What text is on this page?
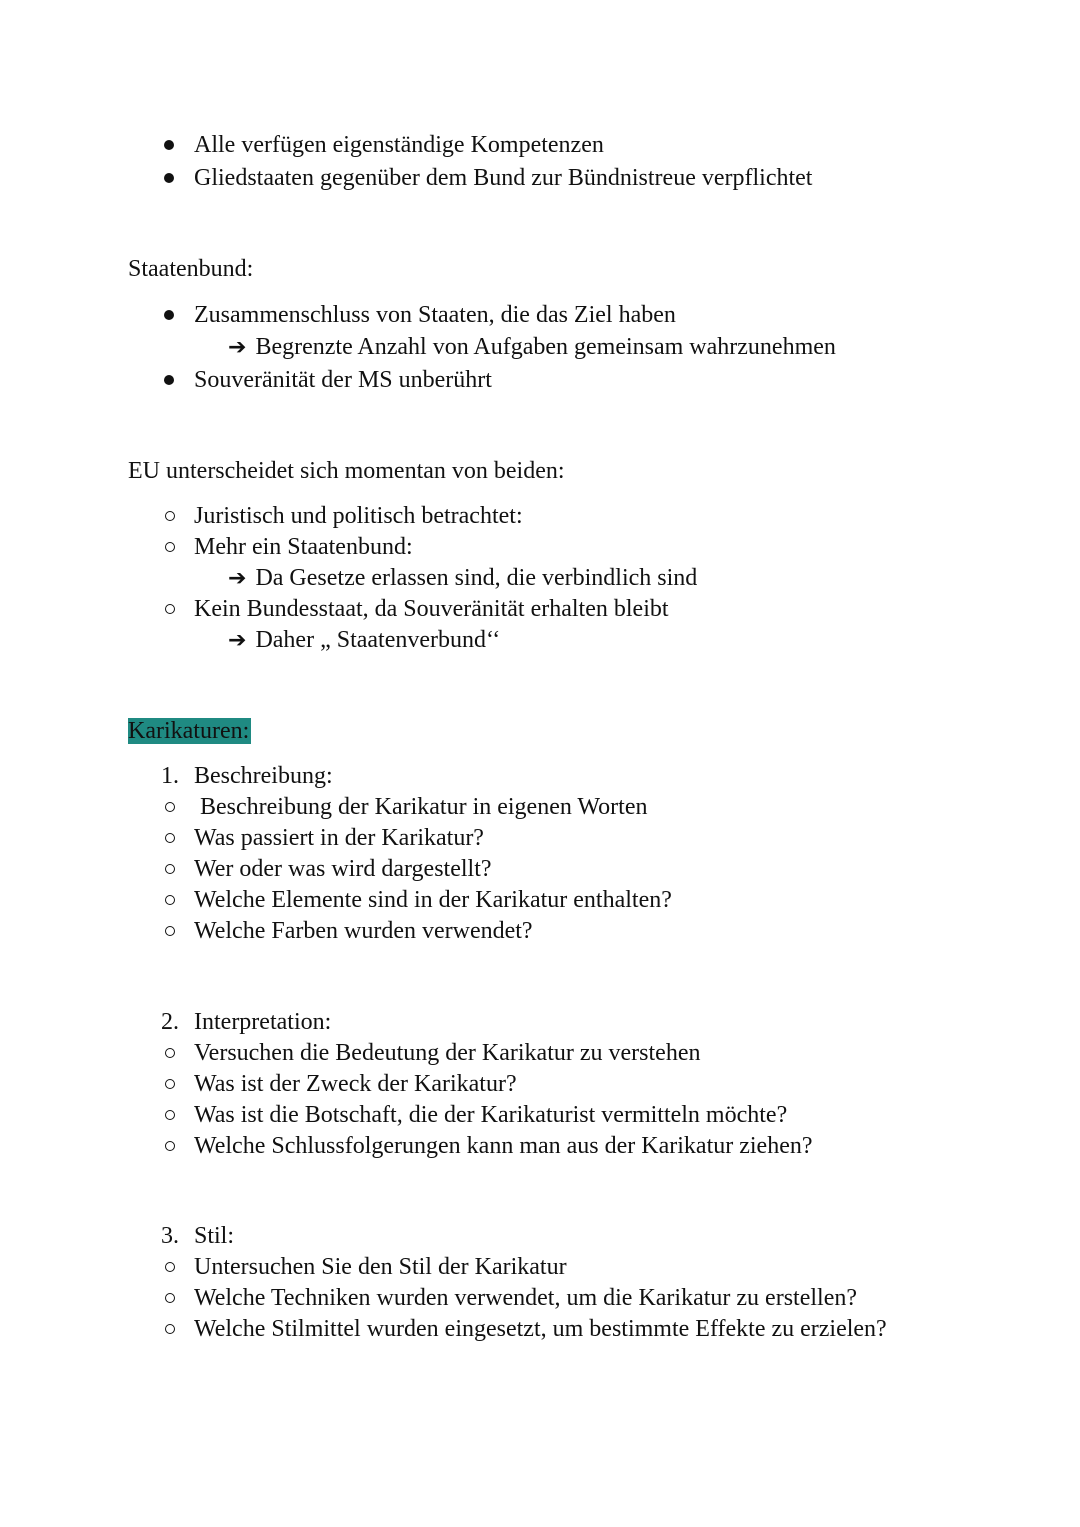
Alle verfügen eigenständige Kompetenzen
Gliedstaaten gegenüber dem Bund zur Bündnistreue verpflichtet
Staatenbund:
Zusammenschluss von Staaten, die das Ziel haben
➔ Begrenzte Anzahl von Aufgaben gemeinsam wahrzunehmen
Souveränität der MS unberührt
EU unterscheidet sich momentan von beiden:
Juristisch und politisch betrachtet:
Mehr ein Staatenbund:
➔ Da Gesetze erlassen sind, die verbindlich sind
Kein Bundesstaat, da Souveränität erhalten bleibt
➔ Daher „ Staatenverbund‘‘
Karikaturen:
1. Beschreibung:
Beschreibung der Karikatur in eigenen Worten
Was passiert in der Karikatur?
Wer oder was wird dargestellt?
Welche Elemente sind in der Karikatur enthalten?
Welche Farben wurden verwendet?
2. Interpretation:
Versuchen die Bedeutung der Karikatur zu verstehen
Was ist der Zweck der Karikatur?
Was ist die Botschaft, die der Karikaturist vermitteln möchte?
Welche Schlussfolgerungen kann man aus der Karikatur ziehen?
3. Stil:
Untersuchen Sie den Stil der Karikatur
Welche Techniken wurden verwendet, um die Karikatur zu erstellen?
Welche Stilmittel wurden eingesetzt, um bestimmte Effekte zu erzielen?
